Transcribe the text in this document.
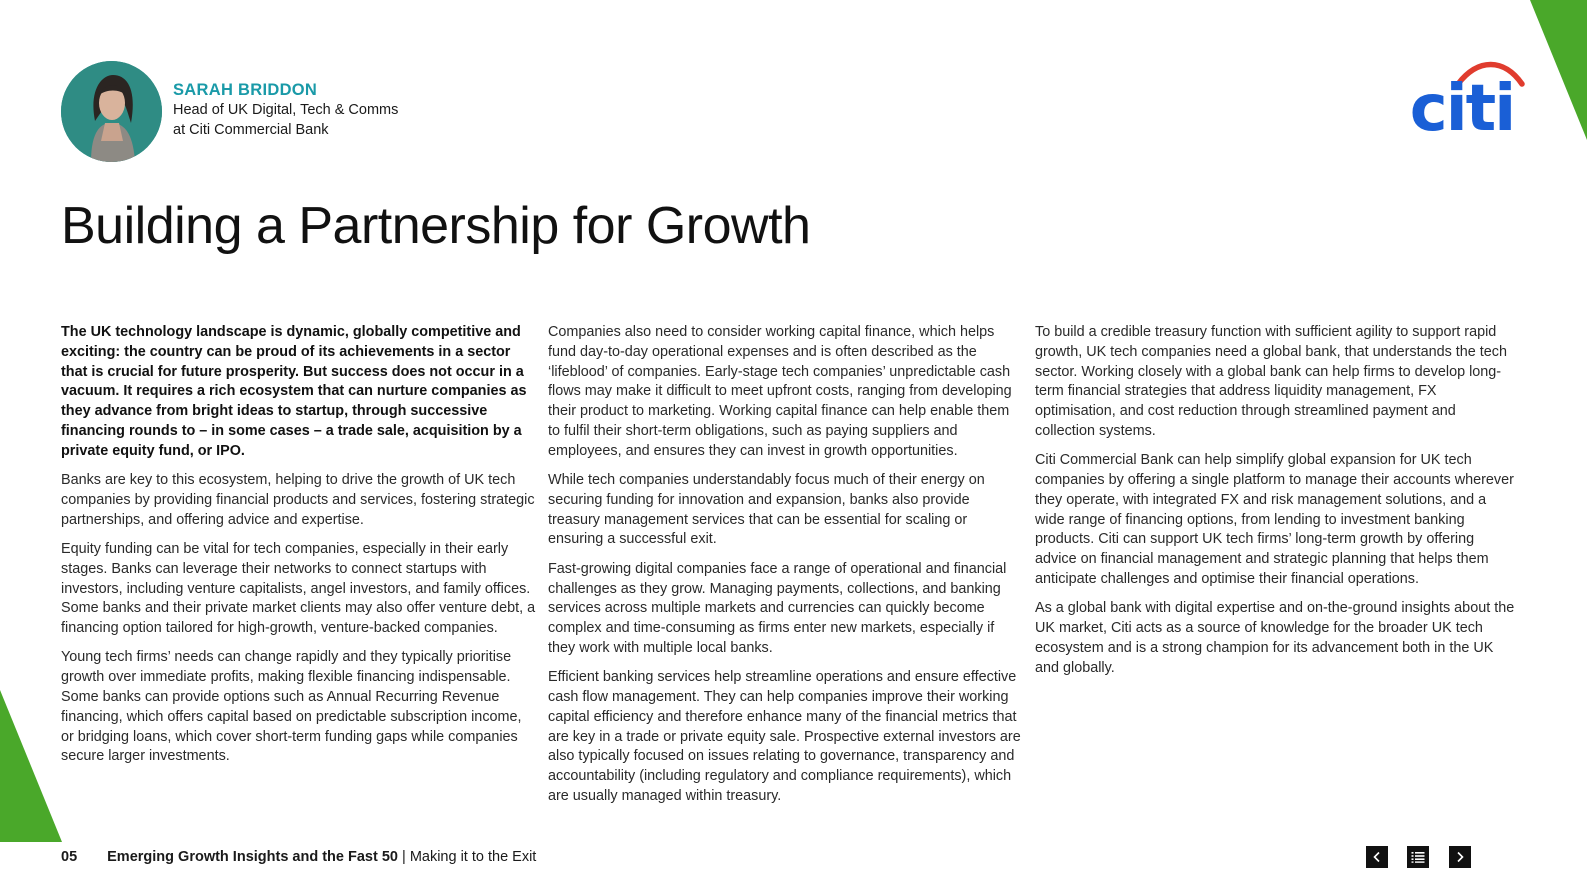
SARAH BRIDDON
Head of UK Digital, Tech & Comms
at Citi Commercial Bank	citi
Building a Partnership for Growth

The UK technology landscape is dynamic, globally competitive and exciting: the country can be proud of its achievements in a sector that is crucial for future prosperity. But success does not occur in a vacuum. It requires a rich ecosystem that can nurture companies as they advance from bright ideas to startup, through successive financing rounds to – in some cases – a trade sale, acquisition by a private equity fund, or IPO.

Banks are key to this ecosystem, helping to drive the growth of UK tech companies by providing financial products and services, fostering strategic partnerships, and offering advice and expertise.

Equity funding can be vital for tech companies, especially in their early stages. Banks can leverage their networks to connect startups with investors, including venture capitalists, angel investors, and family offices. Some banks and their private market clients may also offer venture debt, a financing option tailored for high-growth, venture-backed companies.

Young tech firms’ needs can change rapidly and they typically prioritise growth over immediate profits, making flexible financing indispensable. Some banks can provide options such as Annual Recurring Revenue financing, which offers capital based on predictable subscription income, or bridging loans, which cover short-term funding gaps while companies secure larger investments.

Companies also need to consider working capital finance, which helps fund day-to-day operational expenses and is often described as the ‘lifeblood’ of companies. Early-stage tech companies’ unpredictable cash flows may make it difficult to meet upfront costs, ranging from developing their product to marketing. Working capital finance can help enable them to fulfil their short-term obligations, such as paying suppliers and employees, and ensures they can invest in growth opportunities.

While tech companies understandably focus much of their energy on securing funding for innovation and expansion, banks also provide treasury management services that can be essential for scaling or ensuring a successful exit.

Fast-growing digital companies face a range of operational and financial challenges as they grow. Managing payments, collections, and banking services across multiple markets and currencies can quickly become complex and time-consuming as firms enter new markets, especially if they work with multiple local banks.

Efficient banking services help streamline operations and ensure effective cash flow management. They can help companies improve their working capital efficiency and therefore enhance many of the financial metrics that are key in a trade or private equity sale. Prospective external investors are also typically focused on issues relating to governance, transparency and accountability (including regulatory and compliance requirements), which are usually managed within treasury.

To build a credible treasury function with sufficient agility to support rapid growth, UK tech companies need a global bank, that understands the tech sector. Working closely with a global bank can help firms to develop long-term financial strategies that address liquidity management, FX optimisation, and cost reduction through streamlined payment and collection systems.

Citi Commercial Bank can help simplify global expansion for UK tech companies by offering a single platform to manage their accounts wherever they operate, with integrated FX and risk management solutions, and a wide range of financing options, from lending to investment banking products. Citi can support UK tech firms’ long-term growth by offering advice on financial management and strategic planning that helps them anticipate challenges and optimise their financial operations.

As a global bank with digital expertise and on-the-ground insights about the UK market, Citi acts as a source of knowledge for the broader UK tech ecosystem and is a strong champion for its advancement both in the UK and globally.

05 Emerging Growth Insights and the Fast 50 | Making it to the Exit
